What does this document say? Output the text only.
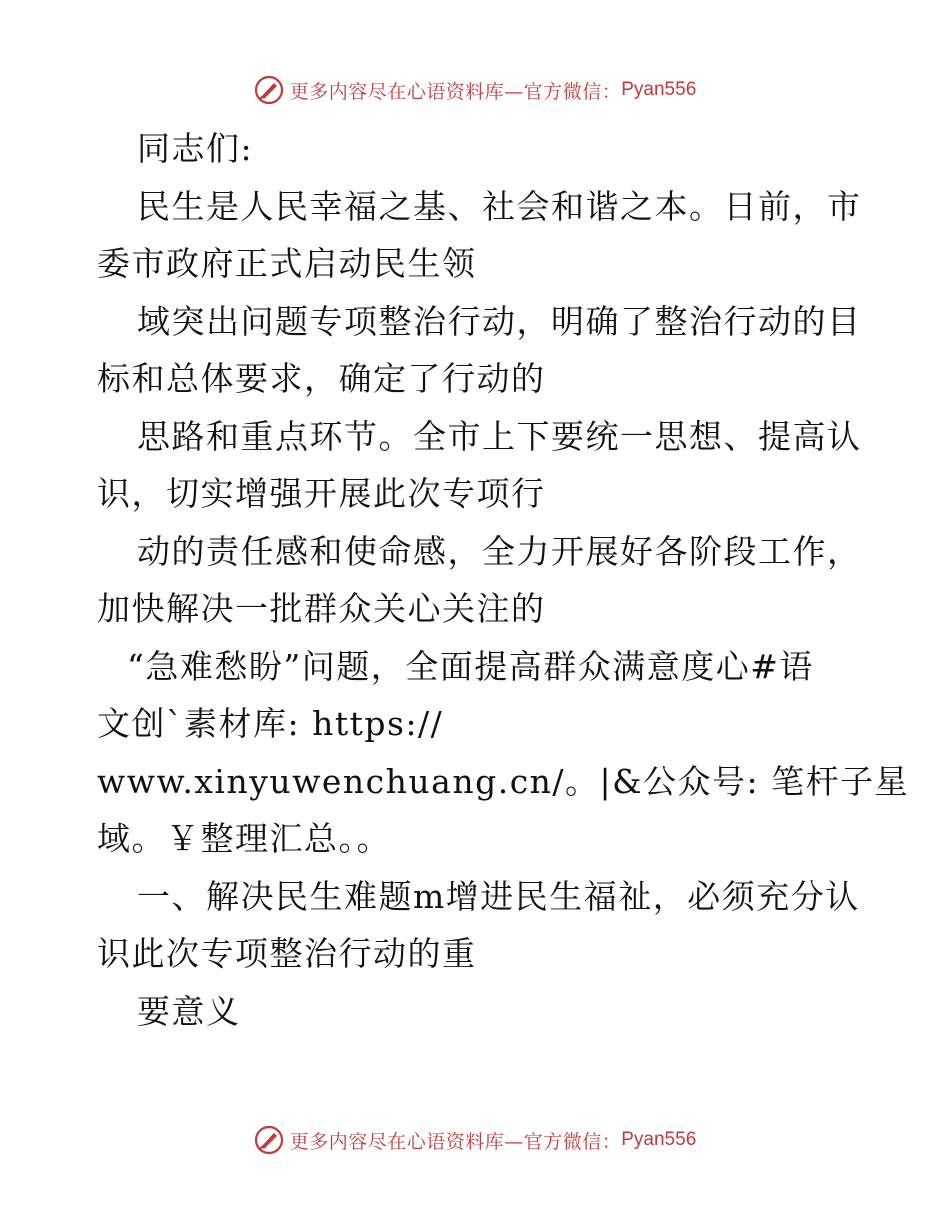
更多内容尽在心语资料库—官方微信： Pyan556
同志们:
民生是人民幸福之基、社会和谐之本。日前，市
委市政府正式启动民生领
域突出问题专项整治行动，明确了整治行动的目
标和总体要求，确定了行动的
思路和重点环节。全市上下要统一思想、提高认
识，切实增强开展此次专项行
动的责任感和使命感，全力开展好各阶段工作，
加快解决一批群众关心关注的
“急难愁盼”问题，全面提高群众满意度心#语
文创`素材库: https://
www.xinyuwenchuang.cn/。|&公众号: 笔杆子星
域。￥整理汇总。。
一、解决民生难题m增进民生福祉，必须充分认
识此次专项整治行动的重
要意义
更多内容尽在心语资料库—官方微信： Pyan556
